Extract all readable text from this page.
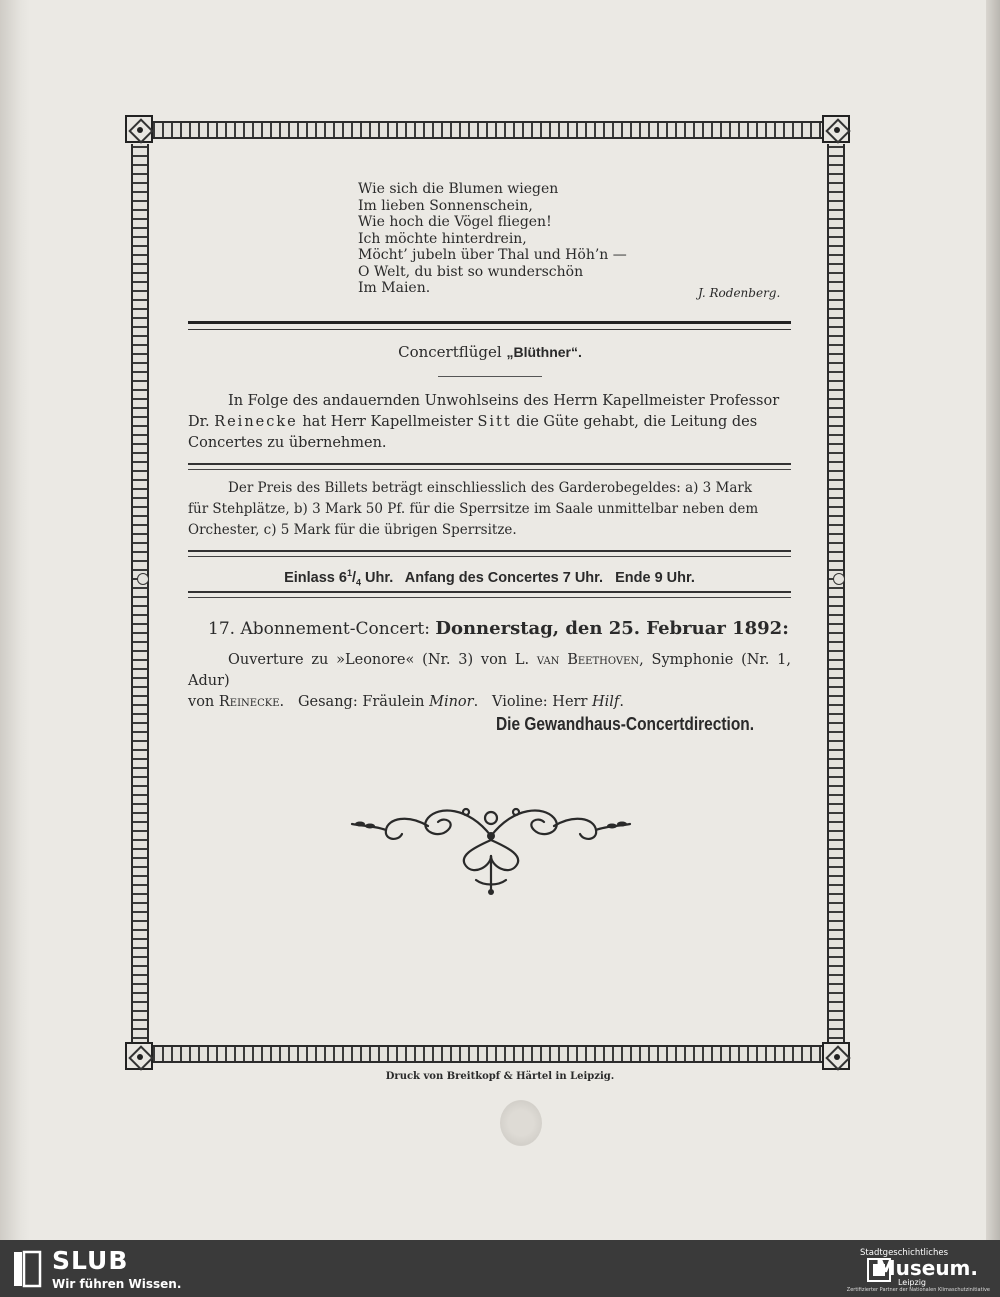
Wie sich die Blumen wiegen
Im lieben Sonnenschein,
Wie hoch die Vögel fliegen!
Ich möchte hinterdrein,
Möcht’ jubeln über Thal und Höh’n —
O Welt, du bist so wunderschön
Im Maien.	J. Rodenberg.
Concertflügel „Blüthner“.

In Folge des andauernden Unwohlseins des Herrn Kapellmeister Professor

Dr. Reinecke hat Herr Kapellmeister Sitt die Güte gehabt, die Leitung des

Concertes zu übernehmen.

Der Preis des Billets beträgt einschliesslich des Garderobegeldes: a) 3 Mark

für Stehplätze, b) 3 Mark 50 Pf. für die Sperrsitze im Saale unmittelbar neben dem

Orchester, c) 5 Mark für die übrigen Sperrsitze.

Einlass $6^1/_4$ Uhr.   Anfang des Concertes 7 Uhr.   Ende 9 Uhr.
17. Abonnement-Concert: Donnerstag, den 25. Februar 1892:

Ouverture zu »Leonore« (Nr. 3) von L. van Beethoven, Symphonie (Nr. 1, Adur)

von Reinecke.   Gesang: Fräulein Minor.   Violine: Herr Hilf.

Die Gewandhaus-Concertdirection.
Druck von Breitkopf & Härtel in Leipzig.
SLUB
Wir führen Wissen.
Stadtgeschichtliches
Museum.
Leipzig
Zertifizierter Partner der Nationalen Klimaschutzinitiative
